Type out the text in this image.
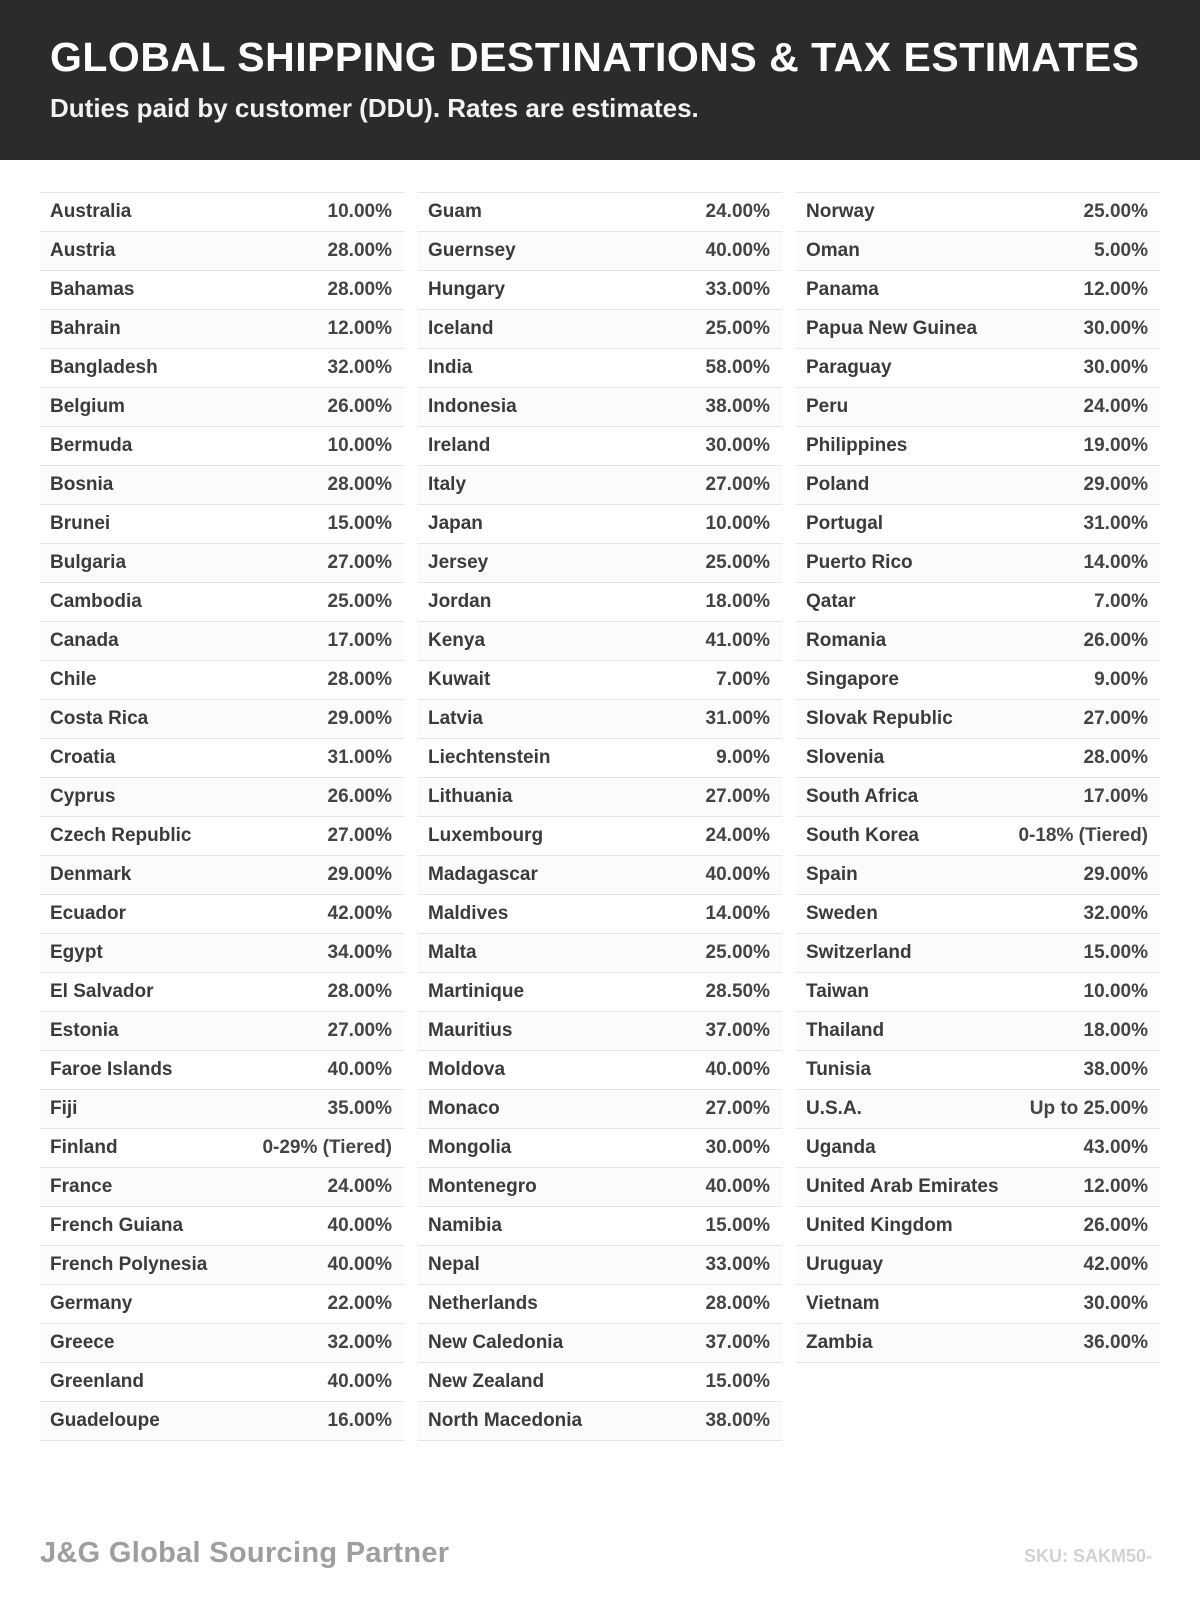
GLOBAL SHIPPING DESTINATIONS & TAX ESTIMATES
Duties paid by customer (DDU). Rates are estimates.
Australia	10.00%
Austria	28.00%
Bahamas	28.00%
Bahrain	12.00%
Bangladesh	32.00%
Belgium	26.00%
Bermuda	10.00%
Bosnia	28.00%
Brunei	15.00%
Bulgaria	27.00%
Cambodia	25.00%
Canada	17.00%
Chile	28.00%
Costa Rica	29.00%
Croatia	31.00%
Cyprus	26.00%
Czech Republic	27.00%
Denmark	29.00%
Ecuador	42.00%
Egypt	34.00%
El Salvador	28.00%
Estonia	27.00%
Faroe Islands	40.00%
Fiji	35.00%
Finland	0-29% (Tiered)
France	24.00%
French Guiana	40.00%
French Polynesia	40.00%
Germany	22.00%
Greece	32.00%
Greenland	40.00%
Guadeloupe	16.00%
Guam	24.00%
Guernsey	40.00%
Hungary	33.00%
Iceland	25.00%
India	58.00%
Indonesia	38.00%
Ireland	30.00%
Italy	27.00%
Japan	10.00%
Jersey	25.00%
Jordan	18.00%
Kenya	41.00%
Kuwait	7.00%
Latvia	31.00%
Liechtenstein	9.00%
Lithuania	27.00%
Luxembourg	24.00%
Madagascar	40.00%
Maldives	14.00%
Malta	25.00%
Martinique	28.50%
Mauritius	37.00%
Moldova	40.00%
Monaco	27.00%
Mongolia	30.00%
Montenegro	40.00%
Namibia	15.00%
Nepal	33.00%
Netherlands	28.00%
New Caledonia	37.00%
New Zealand	15.00%
North Macedonia	38.00%
Norway	25.00%
Oman	5.00%
Panama	12.00%
Papua New Guinea	30.00%
Paraguay	30.00%
Peru	24.00%
Philippines	19.00%
Poland	29.00%
Portugal	31.00%
Puerto Rico	14.00%
Qatar	7.00%
Romania	26.00%
Singapore	9.00%
Slovak Republic	27.00%
Slovenia	28.00%
South Africa	17.00%
South Korea	0-18% (Tiered)
Spain	29.00%
Sweden	32.00%
Switzerland	15.00%
Taiwan	10.00%
Thailand	18.00%
Tunisia	38.00%
U.S.A.	Up to 25.00%
Uganda	43.00%
United Arab Emirates	12.00%
United Kingdom	26.00%
Uruguay	42.00%
Vietnam	30.00%
Zambia	36.00%
J&G Global Sourcing Partner	SKU: SAKM50-
